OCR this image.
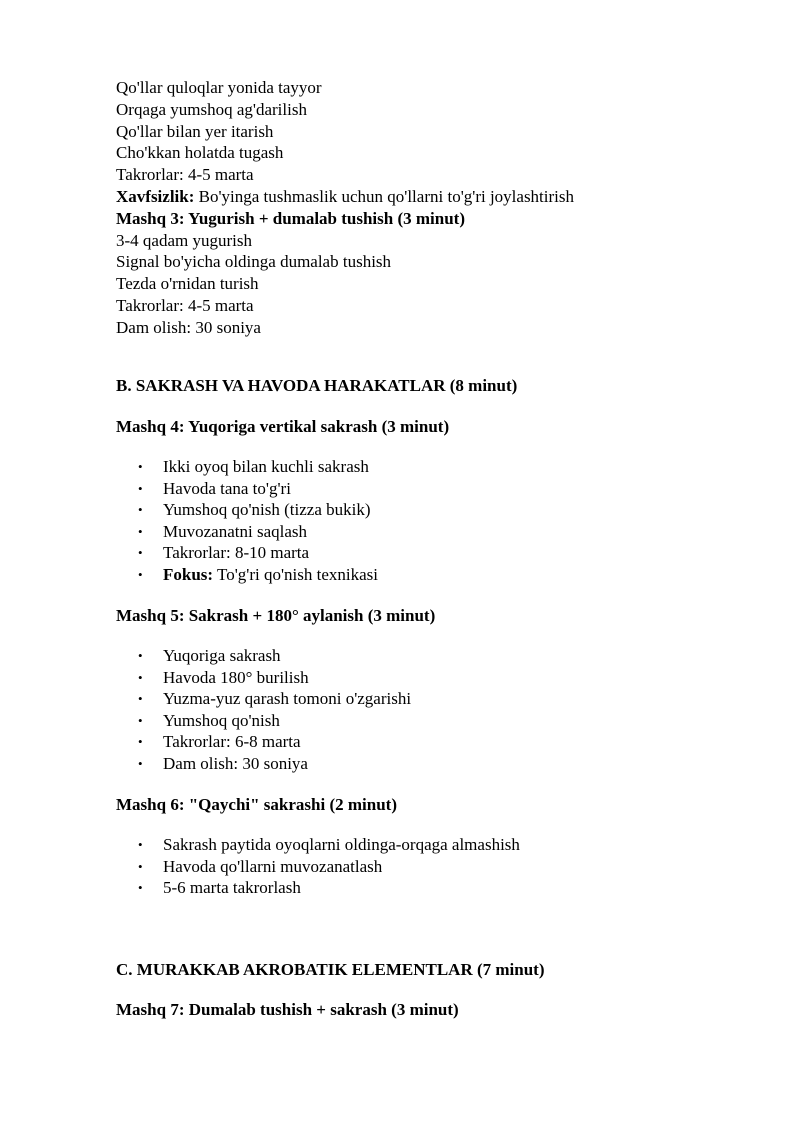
Qo'llar quloqlar yonida tayyor
Orqaga yumshoq ag'darilish
Qo'llar bilan yer itarish
Cho'kkan holatda tugash
Takrorlar: 4-5 marta
Xavfsizlik: Bo'yinga tushmaslik uchun qo'llarni to'g'ri joylashtirish
Mashq 3: Yugurish + dumalab tushish (3 minut)
3-4 qadam yugurish
Signal bo'yicha oldinga dumalab tushish
Tezda o'rnidan turish
Takrorlar: 4-5 marta
Dam olish: 30 soniya
B. SAKRASH VA HAVODA HARAKATLAR (8 minut)
Mashq 4: Yuqoriga vertikal sakrash (3 minut)
• Ikki oyoq bilan kuchli sakrash
• Havoda tana to'g'ri
• Yumshoq qo'nish (tizza bukik)
• Muvozanatni saqlash
• Takrorlar: 8-10 marta
• Fokus: To'g'ri qo'nish texnikasi
Mashq 5: Sakrash + 180° aylanish (3 minut)
• Yuqoriga sakrash
• Havoda 180° burilish
• Yuzma-yuz qarash tomoni o'zgarishi
• Yumshoq qo'nish
• Takrorlar: 6-8 marta
• Dam olish: 30 soniya
Mashq 6: "Qaychi" sakrashi (2 minut)
• Sakrash paytida oyoqlarni oldinga-orqaga almashish
• Havoda qo'llarni muvozanatlash
• 5-6 marta takrorlash
C. MURAKKAB AKROBATIK ELEMENTLAR (7 minut)
Mashq 7: Dumalab tushish + sakrash (3 minut)
